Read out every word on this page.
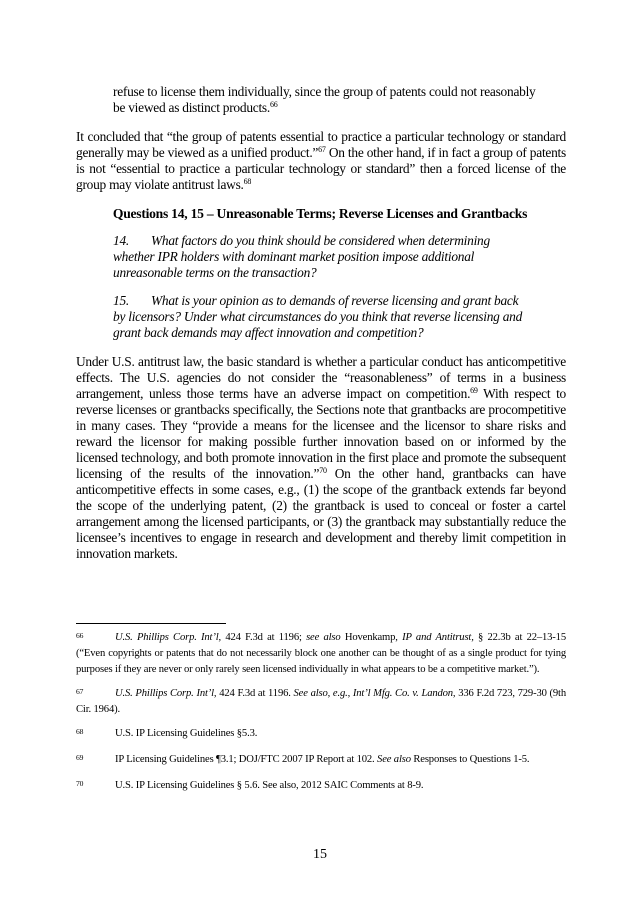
refuse to license them individually, since the group of patents could not reasonably be viewed as distinct products.$^{66}$

It concluded that “the group of patents essential to practice a particular technology or standard generally may be viewed as a unified product.”$^{67}$ On the other hand, if in fact a group of patents is not “essential to practice a particular technology or standard” then a forced license of the group may violate antitrust laws.$^{68}$

Questions 14, 15 – Unreasonable Terms; Reverse Licenses and Grantbacks

14. What factors do you think should be considered when determining whether IPR holders with dominant market position impose additional unreasonable terms on the transaction?

15. What is your opinion as to demands of reverse licensing and grant back by licensors? Under what circumstances do you think that reverse licensing and grant back demands may affect innovation and competition?

Under U.S. antitrust law, the basic standard is whether a particular conduct has anticompetitive effects. The U.S. agencies do not consider the “reasonableness” of terms in a business arrangement, unless those terms have an adverse impact on competition.$^{69}$ With respect to reverse licenses or grantbacks specifically, the Sections note that grantbacks are procompetitive in many cases. They “provide a means for the licensee and the licensor to share risks and reward the licensor for making possible further innovation based on or informed by the licensed technology, and both promote innovation in the first place and promote the subsequent licensing of the results of the innovation.”$^{70}$ On the other hand, grantbacks can have anticompetitive effects in some cases, e.g., (1) the scope of the grantback extends far beyond the scope of the underlying patent, (2) the grantback is used to conceal or foster a cartel arrangement among the licensed participants, or (3) the grantback may substantially reduce the licensee’s incentives to engage in research and development and thereby limit competition in innovation markets.

66	U.S. Phillips Corp. Int’l, 424 F.3d at 1196; see also Hovenkamp, IP and Antitrust, § 22.3b at 22–13-15 (“Even copyrights or patents that do not necessarily block one another can be thought of as a single product for tying purposes if they are never or only rarely seen licensed individually in what appears to be a competitive market.”).
67	U.S. Phillips Corp. Int’l, 424 F.3d at 1196. See also, e.g., Int’l Mfg. Co. v. Landon, 336 F.2d 723, 729-30 (9th Cir. 1964).
68	U.S. IP Licensing Guidelines §5.3.
69	IP Licensing Guidelines ¶3.1; DOJ/FTC 2007 IP Report at 102. See also Responses to Questions 1-5.
70	U.S. IP Licensing Guidelines § 5.6. See also, 2012 SAIC Comments at 8-9.
15
